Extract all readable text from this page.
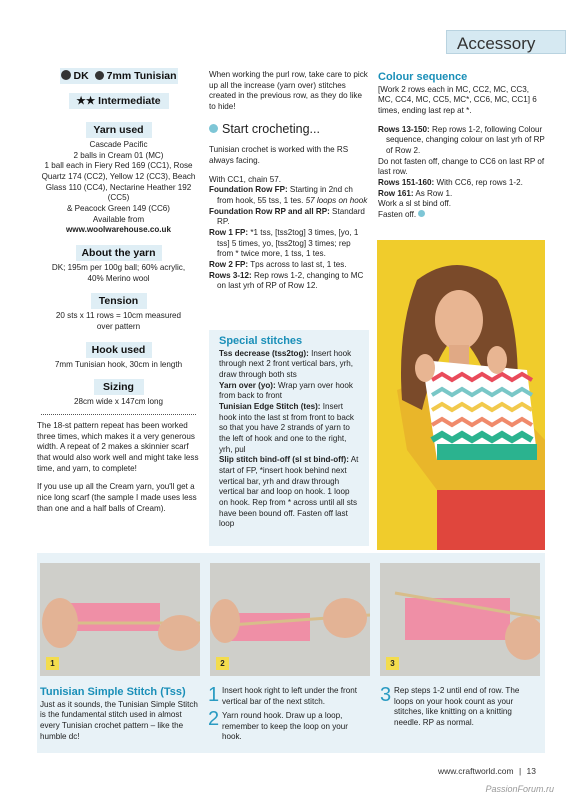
Accessory
DK 7mm Tunisian
★★ Intermediate
Yarn used
Cascade Pacific
2 balls in Cream 01 (MC)
1 ball each in Fiery Red 169 (CC1), Rose
Quartz 174 (CC2), Yellow 12 (CC3), Beach
Glass 110 (CC4), Nectarine Heather 192 (CC5)
& Peacock Green 149 (CC6)
Available from
www.woolwarehouse.co.uk
About the yarn
DK; 195m per 100g ball; 60% acrylic,
40% Merino wool
Tension
20 sts x 11 rows = 10cm measured
over pattern
Hook used
7mm Tunisian hook, 30cm in length
Sizing
28cm wide x 147cm long

The 18-st pattern repeat has been worked three times, which makes it a very generous width. A repeat of 2 makes a skinnier scarf that would also work well and might take less time, and yarn, to complete!

If you use up all the Cream yarn, you'll get a nice long scarf (the sample I made uses less than one and a half balls of Cream).

When working the purl row, take care to pick up all the increase (yarn over) stitches created in the previous row, as they do like to hide!

Start crocheting...

Tunisian crochet is worked with the RS always facing.

With CC1, chain 57.

Foundation Row FP: Starting in 2nd ch from hook, 55 tss, 1 tes. 57 loops on hook

Foundation Row RP and all RP: Standard RP.

Row 1 FP: *1 tss, [tss2tog] 3 times, [yo, 1 tss] 5 times, yo, [tss2tog] 3 times; rep from * twice more, 1 tss, 1 tes.

Row 2 FP: Tps across to last st, 1 tes.

Rows 3-12: Rep rows 1-2, changing to MC on last yrh of RP of Row 12.

Special stitches

Tss decrease (tss2tog): Insert hook through next 2 front vertical bars, yrh, draw through both sts

Yarn over (yo): Wrap yarn over hook from back to front

Tunisian Edge Stitch (tes): Insert hook into the last st from front to back so that you have 2 strands of yarn to the left of hook and one to the right, yrh, pul

Slip stitch bind-off (sl st bind-off): At start of FP, *insert hook behind next vertical bar, yrh and draw through vertical bar and loop on hook. 1 loop on hook. Rep from * across until all sts have been bound off. Fasten off last loop

Colour sequence

[Work 2 rows each in MC, CC2, MC, CC3, MC, CC4, MC, CC5, MC*, CC6, MC, CC1] 6 times, ending last rep at *.

Rows 13-150: Rep rows 1-2, following Colour sequence, changing colour on last yrh of RP of Row 2.

Do not fasten off, change to CC6 on last RP of last row.

Rows 151-160: With CC6, rep rows 1-2.

Row 161: As Row 1.

Work a sl st bind off.

Fasten off.

1	2	3
Tunisian Simple Stitch (Tss)

Just as it sounds, the Tunisian Simple Stitch is the fundamental stitch used in almost every Tunisian crochet pattern – like the humble dc!

1 Insert hook right to left under the front vertical bar of the next stitch.
2 Yarn round hook. Draw up a loop, remember to keep the loop on your hook.
3 Rep steps 1-2 until end of row. The loops on your hook count as your stitches, like knitting on a knitting needle. RP as normal.
www.craftworld.com | 13
PassionForum.ru
